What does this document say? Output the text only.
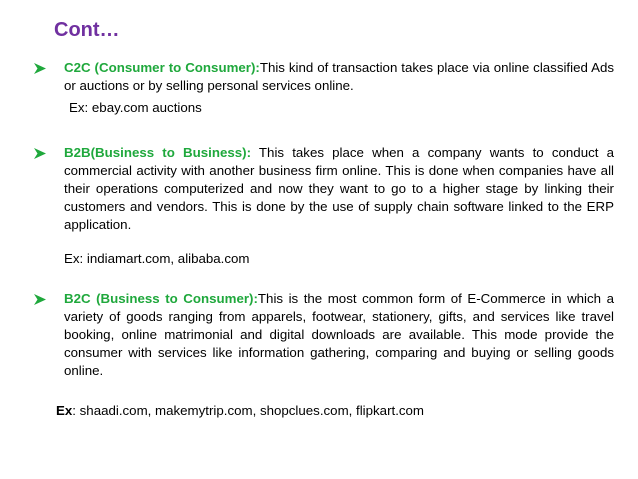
Cont…
C2C (Consumer to Consumer):This kind of transaction takes place via online classified Ads or auctions or by selling personal services online.
Ex: ebay.com auctions
B2B(Business to Business): This takes place when a company wants to conduct a commercial activity with another business firm online. This is done when companies have all their operations computerized and now they want to go to a higher stage by linking their customers and vendors. This is done by the use of supply chain software linked to the ERP application.
Ex: indiamart.com, alibaba.com
B2C (Business to Consumer):This is the most common form of E-Commerce in which a variety of goods ranging from apparels, footwear, stationery, gifts, and services like travel booking, online matrimonial and digital downloads are available. This mode provide the consumer with services like information gathering, comparing and buying or selling goods online.
Ex: shaadi.com, makemytrip.com, shopclues.com, flipkart.com
